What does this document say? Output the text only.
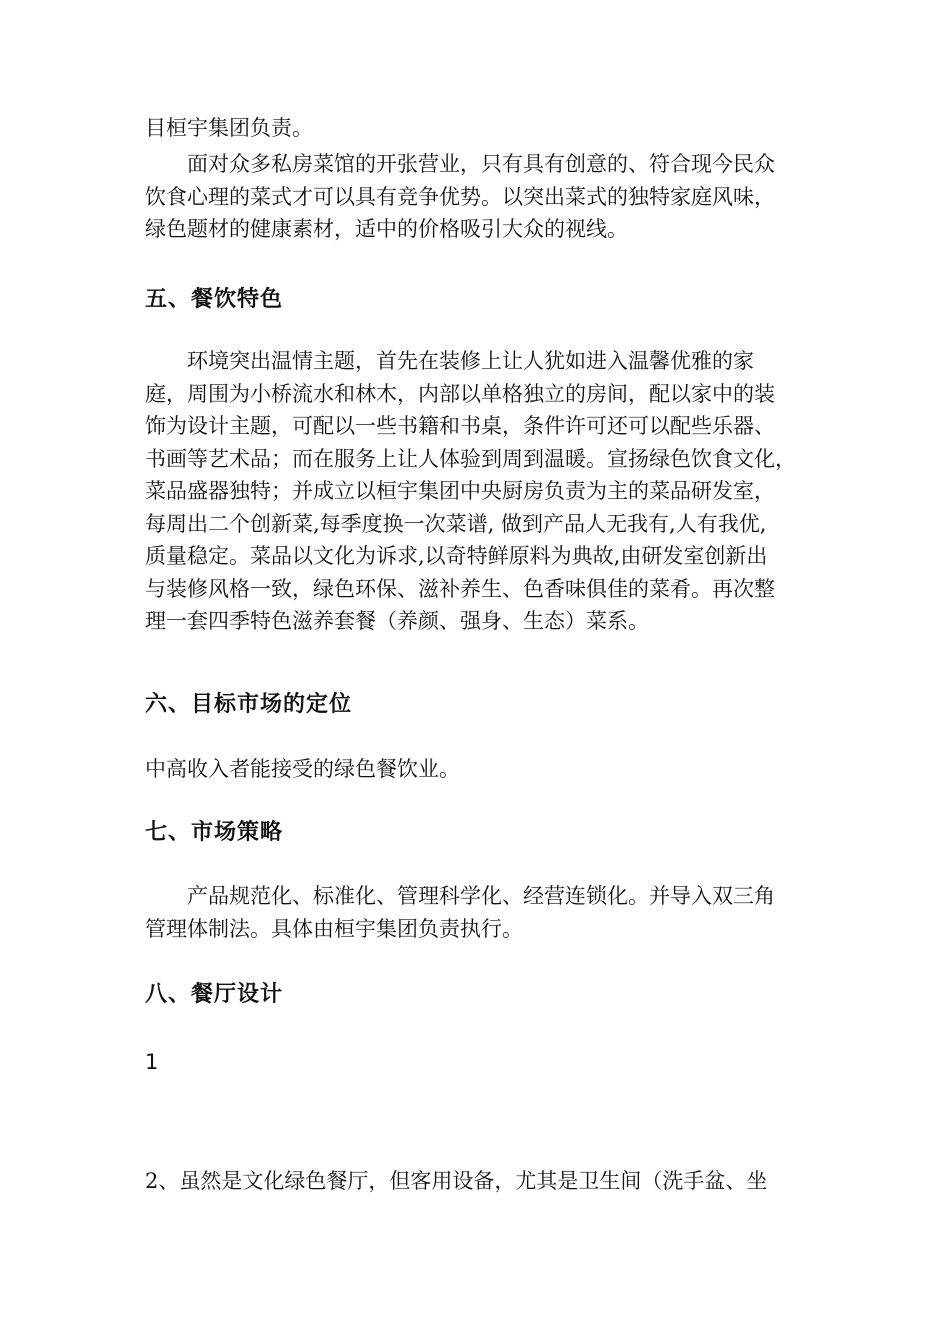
目桓宇集团负责。

面对众多私房菜馆的开张营业，只有具有创意的、符合现今民众
饮食心理的菜式才可以具有竞争优势。以突出菜式的独特家庭风味，
绿色题材的健康素材，适中的价格吸引大众的视线。

五、餐饮特色

环境突出温情主题，首先在装修上让人犹如进入温馨优雅的家
庭，周围为小桥流水和林木，内部以单格独立的房间，配以家中的装
饰为设计主题，可配以一些书籍和书桌，条件许可还可以配些乐器、
书画等艺术品；而在服务上让人体验到周到温暖。宣扬绿色饮食文化，
菜品盛器独特；并成立以桓宇集团中央厨房负责为主的菜品研发室，
每周出二个创新菜,每季度换一次菜谱, 做到产品人无我有,人有我优,
质量稳定。菜品以文化为诉求,以奇特鲜原料为典故,由研发室创新出
与装修风格一致，绿色环保、滋补养生、色香味俱佳的菜肴。再次整
理一套四季特色滋养套餐（养颜、强身、生态）菜系。

六、目标市场的定位

中高收入者能接受的绿色餐饮业。

七、市场策略

产品规范化、标准化、管理科学化、经营连锁化。并导入双三角
管理体制法。具体由桓宇集团负责执行。

八、餐厅设计

1

2、虽然是文化绿色餐厅，但客用设备，尤其是卫生间（洗手盆、坐
